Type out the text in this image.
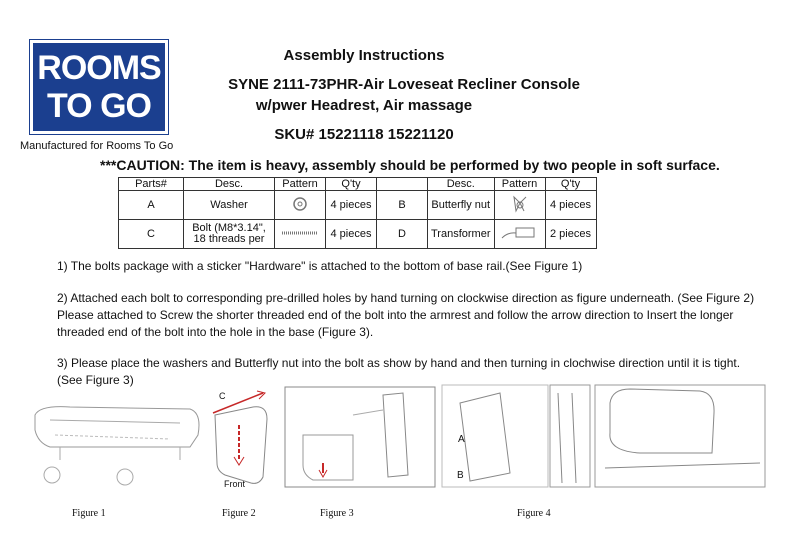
ROOMS
TO GO
Manufactured for Rooms To Go
Assembly Instructions
SYNE 2111-73PHR-Air Loveseat Recliner Console
w/pwer Headrest, Air massage
SKU# 15221118 15221120
***CAUTION: The item is heavy, assembly should be performed by two people in soft surface.
Parts#	Desc.	Pattern	Q'ty		Desc.	Pattern	Q'ty
A	Washer		4 pieces	B	Butterfly nut		4 pieces
C	Bolt (M8*3.14", 18 threads per		4 pieces	D	Transformer		2 pieces
1) The bolts package with a sticker "Hardware" is attached to the bottom of base rail.(See Figure 1)
2) Attached each bolt to corresponding pre-drilled holes by hand turning on clockwise direction as figure underneath. (See Figure 2) Please attached to Screw the shorter threaded end of the bolt into the armrest and follow the arrow direction to Insert the longer threaded end of the bolt into the hole in the base (Figure 3).
3) Please place the washers and Butterfly nut into the bolt as show by hand and then turning in clochwise direction until it is tight.(See Figure 3)
Figure 1
C
Front
Figure 2	Figure 3
A
B
Figure 4
